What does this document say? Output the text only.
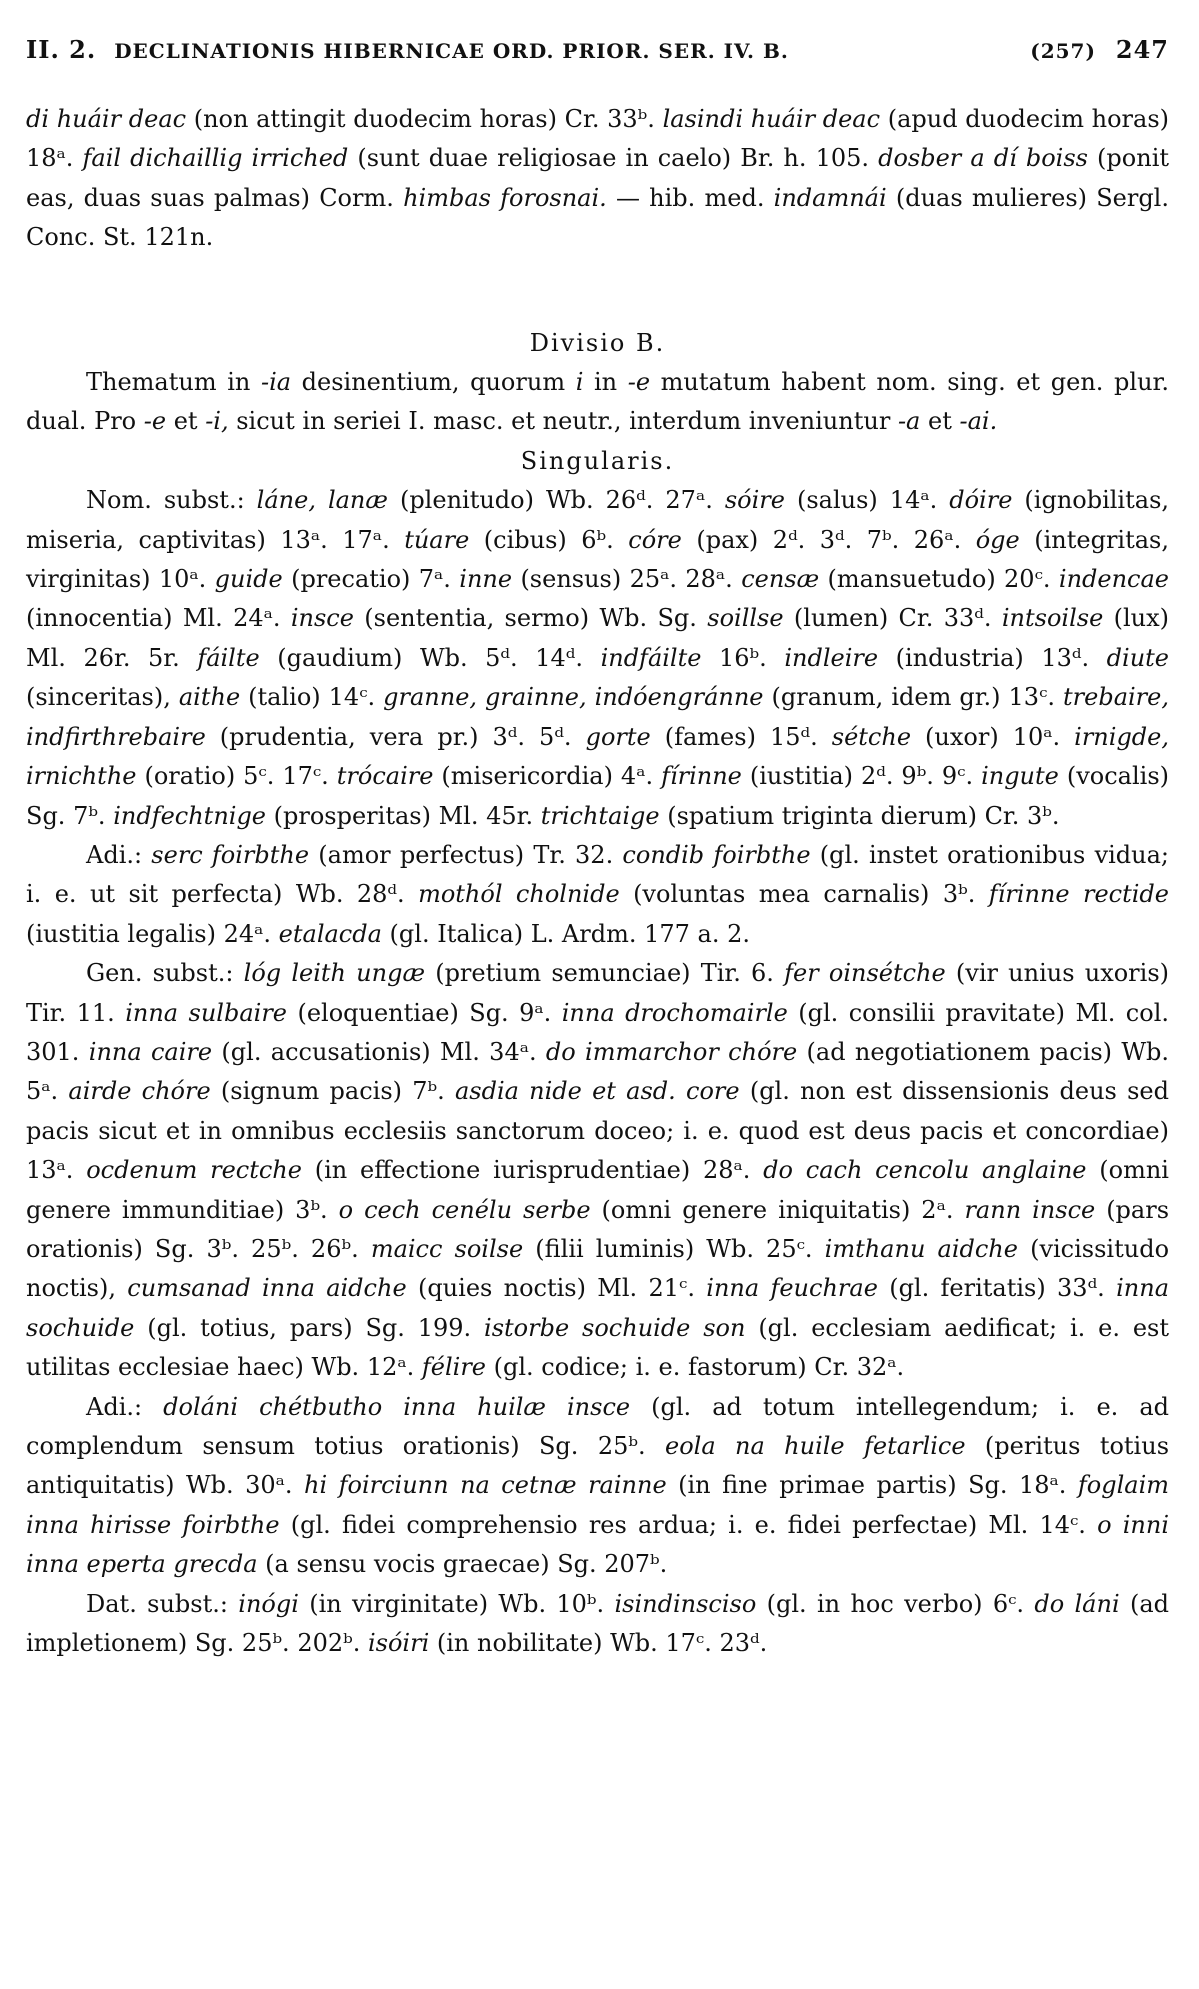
II. 2. DECLINATIONIS HIBERNICAE ORD. PRIOR. SER. IV. B.	(257) 247

di huáir deac (non attingit duodecim horas) Cr. 33ᵇ. lasindi huáir deac (apud duodecim horas) 18ᵃ. fail dichaillig irriched (sunt duae religiosae in caelo) Br. h. 105. dosber a dí boiss (ponit eas, duas suas palmas) Corm. himbas forosnai. — hib. med. indamnái (duas mulieres) Sergl. Conc. St. 121n.

Divisio B.

Thematum in -ia desinentium, quorum i in -e mutatum habent nom. sing. et gen. plur. dual. Pro -e et -i, sicut in seriei I. masc. et neutr., interdum inveniuntur -a et -ai.

Singularis.

Nom. subst.: láne, lanæ (plenitudo) Wb. 26ᵈ. 27ᵃ. sóire (salus) 14ᵃ. dóire (ignobilitas, miseria, captivitas) 13ᵃ. 17ᵃ. túare (cibus) 6ᵇ. córe (pax) 2ᵈ. 3ᵈ. 7ᵇ. 26ᵃ. óge (integritas, virginitas) 10ᵃ. guide (precatio) 7ᵃ. inne (sensus) 25ᵃ. 28ᵃ. censæ (mansuetudo) 20ᶜ. indencae (innocentia) Ml. 24ᵃ. insce (sententia, sermo) Wb. Sg. soillse (lumen) Cr. 33ᵈ. intsoilse (lux) Ml. 26r. 5r. fáilte (gaudium) Wb. 5ᵈ. 14ᵈ. indfáilte 16ᵇ. indleire (industria) 13ᵈ. diute (sinceritas), aithe (talio) 14ᶜ. granne, grainne, indóengránne (granum, idem gr.) 13ᶜ. trebaire, indfirthrebaire (prudentia, vera pr.) 3ᵈ. 5ᵈ. gorte (fames) 15ᵈ. sétche (uxor) 10ᵃ. irnigde, irnichthe (oratio) 5ᶜ. 17ᶜ. trócaire (misericordia) 4ᵃ. fírinne (iustitia) 2ᵈ. 9ᵇ. 9ᶜ. ingute (vocalis) Sg. 7ᵇ. indfechtnige (prosperitas) Ml. 45r. trichtaige (spatium triginta dierum) Cr. 3ᵇ.

Adi.: serc foirbthe (amor perfectus) Tr. 32. condib foirbthe (gl. instet orationibus vidua; i. e. ut sit perfecta) Wb. 28ᵈ. mothól cholnide (voluntas mea carnalis) 3ᵇ. fírinne rectide (iustitia legalis) 24ᵃ. etalacda (gl. Italica) L. Ardm. 177 a. 2.

Gen. subst.: lóg leith ungæ (pretium semunciae) Tir. 6. fer oinsétche (vir unius uxoris) Tir. 11. inna sulbaire (eloquentiae) Sg. 9ᵃ. inna drochomairle (gl. consilii pravitate) Ml. col. 301. inna caire (gl. accusationis) Ml. 34ᵃ. do immarchor chóre (ad negotiationem pacis) Wb. 5ᵃ. airde chóre (signum pacis) 7ᵇ. asdia nide et asd. core (gl. non est dissensionis deus sed pacis sicut et in omnibus ecclesiis sanctorum doceo; i. e. quod est deus pacis et concordiae) 13ᵃ. ocdenum rectche (in effectione iurisprudentiae) 28ᵃ. do cach cencolu anglaine (omni genere immunditiae) 3ᵇ. o cech cenélu serbe (omni genere iniquitatis) 2ᵃ. rann insce (pars orationis) Sg. 3ᵇ. 25ᵇ. 26ᵇ. maicc soilse (filii luminis) Wb. 25ᶜ. imthanu aidche (vicissitudo noctis), cumsanad inna aidche (quies noctis) Ml. 21ᶜ. inna feuchrae (gl. feritatis) 33ᵈ. inna sochuide (gl. totius, pars) Sg. 199. istorbe sochuide son (gl. ecclesiam aedificat; i. e. est utilitas ecclesiae haec) Wb. 12ᵃ. félire (gl. codice; i. e. fastorum) Cr. 32ᵃ.

Adi.: doláni chétbutho inna huilæ insce (gl. ad totum intellegendum; i. e. ad complendum sensum totius orationis) Sg. 25ᵇ. eola na huile fetarlice (peritus totius antiquitatis) Wb. 30ᵃ. hi foirciunn na cetnæ rainne (in fine primae partis) Sg. 18ᵃ. foglaim inna hirisse foirbthe (gl. fidei comprehensio res ardua; i. e. fidei perfectae) Ml. 14ᶜ. o inni inna eperta grecda (a sensu vocis graecae) Sg. 207ᵇ.

Dat. subst.: inógi (in virginitate) Wb. 10ᵇ. isindinsciso (gl. in hoc verbo) 6ᶜ. do láni (ad impletionem) Sg. 25ᵇ. 202ᵇ. isóiri (in nobilitate) Wb. 17ᶜ. 23ᵈ.
